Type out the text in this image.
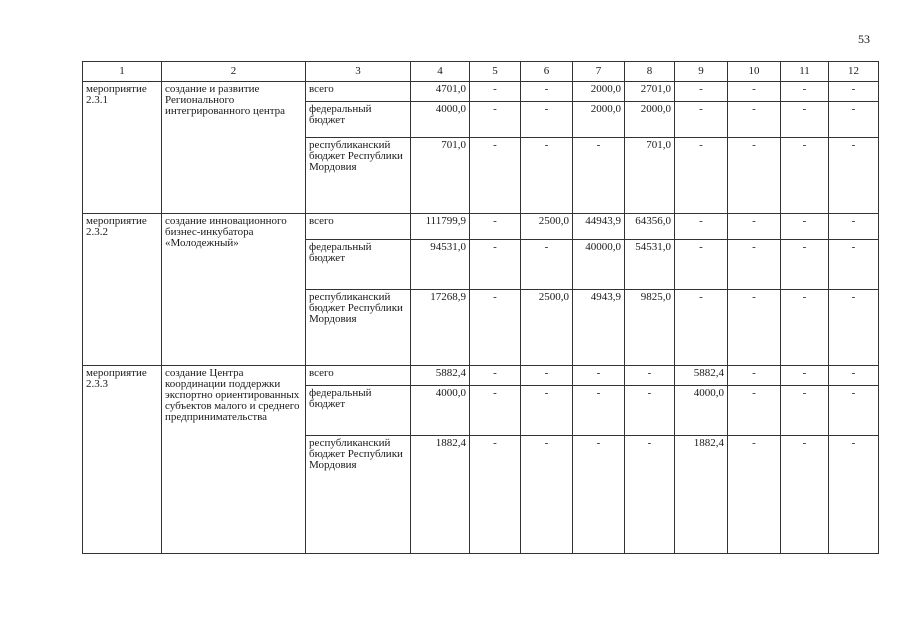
53
1	2	3	4	5	6	7	8	9	10	11	12
мероприятие 2.3.1	создание и развитие Регионального интегрированного центра	всего	4701,0	-	-	2000,0	2701,0	-	-	-	-
		федеральный бюджет	4000,0	-	-	2000,0	2000,0	-	-	-	-
		республиканский бюджет Республики Мордовия	701,0	-	-	-	701,0	-	-	-	-
мероприятие 2.3.2	создание инновационного бизнес-инкубатора «Молодежный»	всего	111799,9	-	2500,0	44943,9	64356,0	-	-	-	-
		федеральный бюджет	94531,0	-	-	40000,0	54531,0	-	-	-	-
		республиканский бюджет Республики Мордовия	17268,9	-	2500,0	4943,9	9825,0	-	-	-	-
мероприятие 2.3.3	создание Центра координации поддержки экспортно ориентированных субъектов малого и среднего предпринимательства	всего	5882,4	-	-	-	-	5882,4	-	-	-
		федеральный бюджет	4000,0	-	-	-	-	4000,0	-	-	-
		республиканский бюджет Республики Мордовия	1882,4	-	-	-	-	1882,4	-	-	-
